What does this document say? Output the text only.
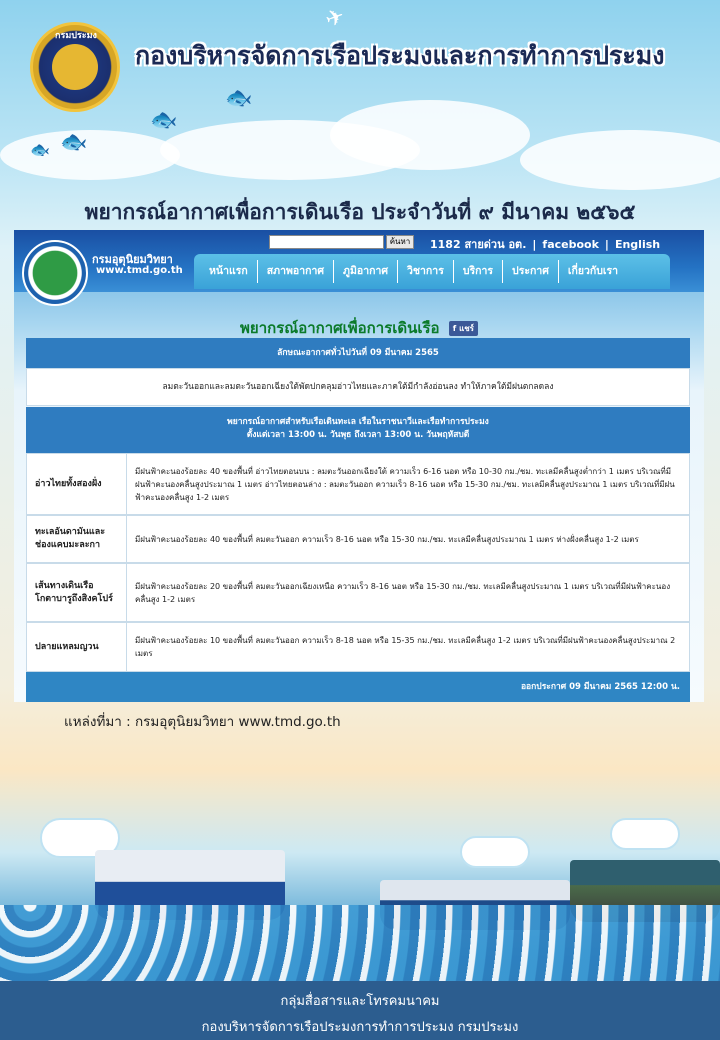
✈
กรมประมง
กองบริหารจัดการเรือประมงและการทำการประมง
🐟
🐟
🐟
🐟
พยากรณ์อากาศเพื่อการเดินเรือ ประจำวันที่ ๙ มีนาคม ๒๕๖๕
กรมอุตุนิยมวิทยา
www.tmd.go.th
ค้นหา	1182 สายด่วน อต. | facebook | English
หน้าแรก	สภาพอากาศ	ภูมิอากาศ	วิชาการ	บริการ	ประกาศ	เกี่ยวกับเรา
พยากรณ์อากาศเพื่อการเดินเรือ f แชร์
ลักษณะอากาศทั่วไปวันที่ 09 มีนาคม 2565
ลมตะวันออกและลมตะวันออกเฉียงใต้พัดปกคลุมอ่าวไทยและภาคใต้มีกำลังอ่อนลง ทำให้ภาคใต้มีฝนตกลดลง
พยากรณ์อากาศสำหรับเรือเดินทะเล เรือในราชนาวีและเรือทำการประมง
ตั้งแต่เวลา 13:00 น. วันพุธ ถึงเวลา 13:00 น. วันพฤหัสบดี
อ่าวไทยทั้งสองฝั่ง
มีฝนฟ้าคะนองร้อยละ 40 ของพื้นที่ อ่าวไทยตอนบน : ลมตะวันออกเฉียงใต้ ความเร็ว 6-16 นอต หรือ 10-30 กม./ชม. ทะเลมีคลื่นสูงต่ำกว่า 1 เมตร บริเวณที่มีฝนฟ้าคะนองคลื่นสูงประมาณ 1 เมตร อ่าวไทยตอนล่าง : ลมตะวันออก ความเร็ว 8-16 นอต หรือ 15-30 กม./ชม. ทะเลมีคลื่นสูงประมาณ 1 เมตร บริเวณที่มีฝนฟ้าคะนองคลื่นสูง 1-2 เมตร
ทะเลอันดามันและช่องแคบมะละกา
มีฝนฟ้าคะนองร้อยละ 40 ของพื้นที่ ลมตะวันออก ความเร็ว 8-16 นอต หรือ 15-30 กม./ชม. ทะเลมีคลื่นสูงประมาณ 1 เมตร ห่างฝั่งคลื่นสูง 1-2 เมตร
เส้นทางเดินเรือ โกตาบารูถึงสิงคโปร์
มีฝนฟ้าคะนองร้อยละ 20 ของพื้นที่ ลมตะวันออกเฉียงเหนือ ความเร็ว 8-16 นอต หรือ 15-30 กม./ชม. ทะเลมีคลื่นสูงประมาณ 1 เมตร บริเวณที่มีฝนฟ้าคะนองคลื่นสูง 1-2 เมตร
ปลายแหลมญวน
มีฝนฟ้าคะนองร้อยละ 10 ของพื้นที่ ลมตะวันออก ความเร็ว 8-18 นอต หรือ 15-35 กม./ชม. ทะเลมีคลื่นสูง 1-2 เมตร บริเวณที่มีฝนฟ้าคะนองคลื่นสูงประมาณ 2 เมตร
ออกประกาศ 09 มีนาคม 2565 12:00 น.
แหล่งที่มา : กรมอุตุนิยมวิทยา www.tmd.go.th
กลุ่มสื่อสารและโทรคมนาคม
กองบริหารจัดการเรือประมงการทำการประมง กรมประมง
